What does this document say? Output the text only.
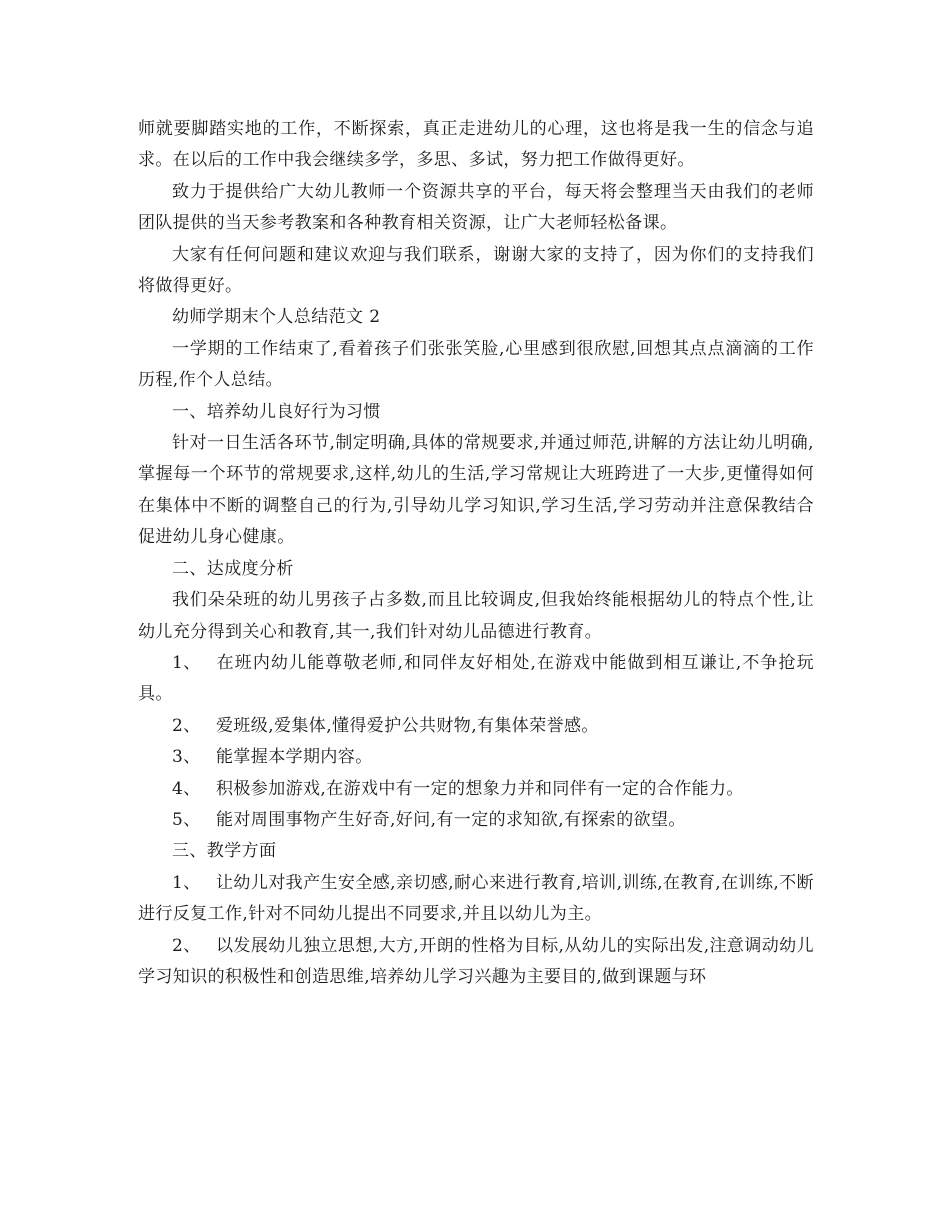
师就要脚踏实地的工作，不断探索，真正走进幼儿的心理，这也将是我一生的信念与追求。在以后的工作中我会继续多学，多思、多试，努力把工作做得更好。

致力于提供给广大幼儿教师一个资源共享的平台，每天将会整理当天由我们的老师团队提供的当天参考教案和各种教育相关资源，让广大老师轻松备课。

大家有任何问题和建议欢迎与我们联系，谢谢大家的支持了，因为你们的支持我们将做得更好。

幼师学期末个人总结范文 2

一学期的工作结束了,看着孩子们张张笑脸,心里感到很欣慰,回想其点点滴滴的工作历程,作个人总结。

一、培养幼儿良好行为习惯

针对一日生活各环节,制定明确,具体的常规要求,并通过师范,讲解的方法让幼儿明确,掌握每一个环节的常规要求,这样,幼儿的生活,学习常规让大班跨进了一大步,更懂得如何在集体中不断的调整自己的行为,引导幼儿学习知识,学习生活,学习劳动并注意保教结合促进幼儿身心健康。

二、达成度分析

我们朵朵班的幼儿男孩子占多数,而且比较调皮,但我始终能根据幼儿的特点个性,让幼儿充分得到关心和教育,其一,我们针对幼儿品德进行教育。

1、 在班内幼儿能尊敬老师,和同伴友好相处,在游戏中能做到相互谦让,不争抢玩具。

2、 爱班级,爱集体,懂得爱护公共财物,有集体荣誉感。

3、 能掌握本学期内容。

4、 积极参加游戏,在游戏中有一定的想象力并和同伴有一定的合作能力。

5、 能对周围事物产生好奇,好问,有一定的求知欲,有探索的欲望。

三、教学方面

1、 让幼儿对我产生安全感,亲切感,耐心来进行教育,培训,训练,在教育,在训练,不断进行反复工作,针对不同幼儿提出不同要求,并且以幼儿为主。

2、 以发展幼儿独立思想,大方,开朗的性格为目标,从幼儿的实际出发,注意调动幼儿学习知识的积极性和创造思维,培养幼儿学习兴趣为主要目的,做到课题与环
